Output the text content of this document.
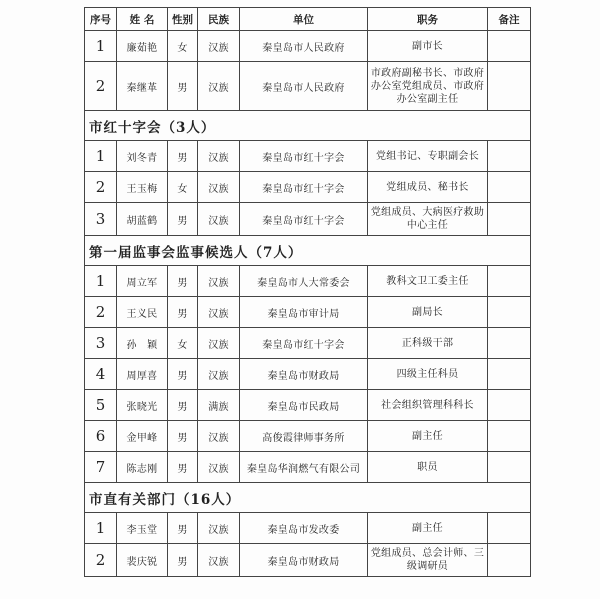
序号	姓 名	性别	民族	单位	职务	备注
1	廉茹艳	女	汉族	秦皇岛市人民政府	副市长	
2	秦继革	男	汉族	秦皇岛市人民政府	市政府副秘书长、市政府办公室党组成员、市政府办公室副主任	
市红十字会（3人）						
1	刘冬青	男	汉族	秦皇岛市红十字会	党组书记、专职副会长	
2	王玉梅	女	汉族	秦皇岛市红十字会	党组成员、秘书长	
3	胡蓝鹤	男	汉族	秦皇岛市红十字会	党组成员、大病医疗救助中心主任	
第一届监事会监事候选人（7人）						
1	周立军	男	汉族	秦皇岛市人大常委会	教科文卫工委主任	
2	王义民	男	汉族	秦皇岛市审计局	副局长	
3	孙　颖	女	汉族	秦皇岛市红十字会	正科级干部	
4	周厚喜	男	汉族	秦皇岛市财政局	四级主任科员	
5	张晓光	男	满族	秦皇岛市民政局	社会组织管理科科长	
6	金甲峰	男	汉族	高俊霞律师事务所	副主任	
7	陈志刚	男	汉族	秦皇岛华润燃气有限公司	职员	
市直有关部门（16人）						
1	李玉堂	男	汉族	秦皇岛市发改委	副主任	
2	裴庆锐	男	汉族	秦皇岛市财政局	党组成员、总会计师、三级调研员	
